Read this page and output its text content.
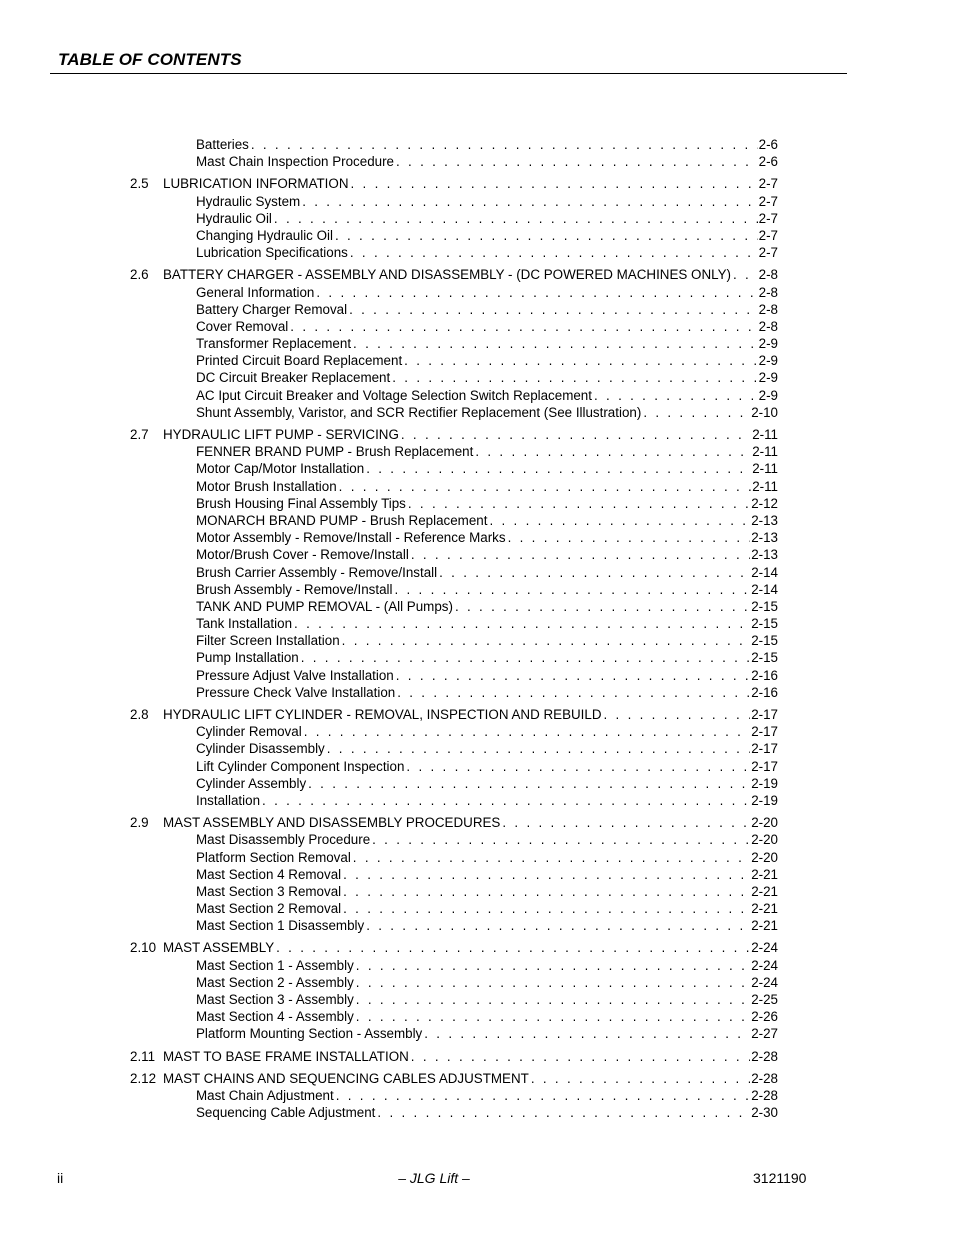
TABLE OF CONTENTS
Batteries . . .	2-6
Mast Chain Inspection Procedure . . .	2-6
2.5 LUBRICATION INFORMATION . . .	2-7
Hydraulic System . . .	2-7
Hydraulic Oil . . .	2-7
Changing Hydraulic Oil . . .	2-7
Lubrication Specifications . . .	2-7
2.6 BATTERY CHARGER - ASSEMBLY AND DISASSEMBLY - (DC POWERED MACHINES ONLY) . . . 2-8
General Information . . .	2-8
Battery Charger Removal . . .	2-8
Cover Removal . . .	2-8
Transformer Replacement . . .	2-9
Printed Circuit Board Replacement . . .	2-9
DC Circuit Breaker Replacement . . .	2-9
AC Iput Circuit Breaker and Voltage Selection Switch Replacement . . .	2-9
Shunt Assembly, Varistor, and SCR Rectifier Replacement (See Illustration) . . .	2-10
2.7 HYDRAULIC LIFT PUMP - SERVICING . . .	2-11
FENNER BRAND PUMP - Brush Replacement . . .	2-11
Motor Cap/Motor Installation . . .	2-11
Motor Brush Installation . . .	2-11
Brush Housing Final Assembly Tips . . .	2-12
MONARCH BRAND PUMP - Brush Replacement . . .	2-13
Motor Assembly - Remove/Install - Reference Marks . . .	2-13
Motor/Brush Cover - Remove/Install . . .	2-13
Brush Carrier Assembly - Remove/Install . . .	2-14
Brush Assembly - Remove/Install . . .	2-14
TANK AND PUMP REMOVAL - (All Pumps) . . .	2-15
Tank Installation . . .	2-15
Filter Screen Installation . . .	2-15
Pump Installation . . .	2-15
Pressure Adjust Valve Installation . . .	2-16
Pressure Check Valve Installation . . .	2-16
2.8 HYDRAULIC LIFT CYLINDER - REMOVAL, INSPECTION AND REBUILD . . .	2-17
Cylinder Removal . . .	2-17
Cylinder Disassembly . . .	2-17
Lift Cylinder Component Inspection . . .	2-17
Cylinder Assembly . . .	2-19
Installation . . .	2-19
2.9 MAST ASSEMBLY AND DISASSEMBLY PROCEDURES . . .	2-20
Mast Disassembly Procedure . . .	2-20
Platform Section Removal . . .	2-20
Mast Section 4 Removal . . .	2-21
Mast Section 3 Removal . . .	2-21
Mast Section 2 Removal . . .	2-21
Mast Section 1 Disassembly . . .	2-21
2.10 MAST ASSEMBLY . . .	2-24
Mast Section 1 - Assembly . . .	2-24
Mast Section 2 - Assembly . . .	2-24
Mast Section 3 - Assembly . . .	2-25
Mast Section 4 - Assembly . . .	2-26
Platform Mounting Section - Assembly . . .	2-27
2.11 MAST TO BASE FRAME INSTALLATION . . .	2-28
2.12 MAST CHAINS AND SEQUENCING CABLES ADJUSTMENT . . .	2-28
Mast Chain Adjustment . . .	2-28
Sequencing Cable Adjustment . . .	2-30
ii	– JLG Lift –	3121190
